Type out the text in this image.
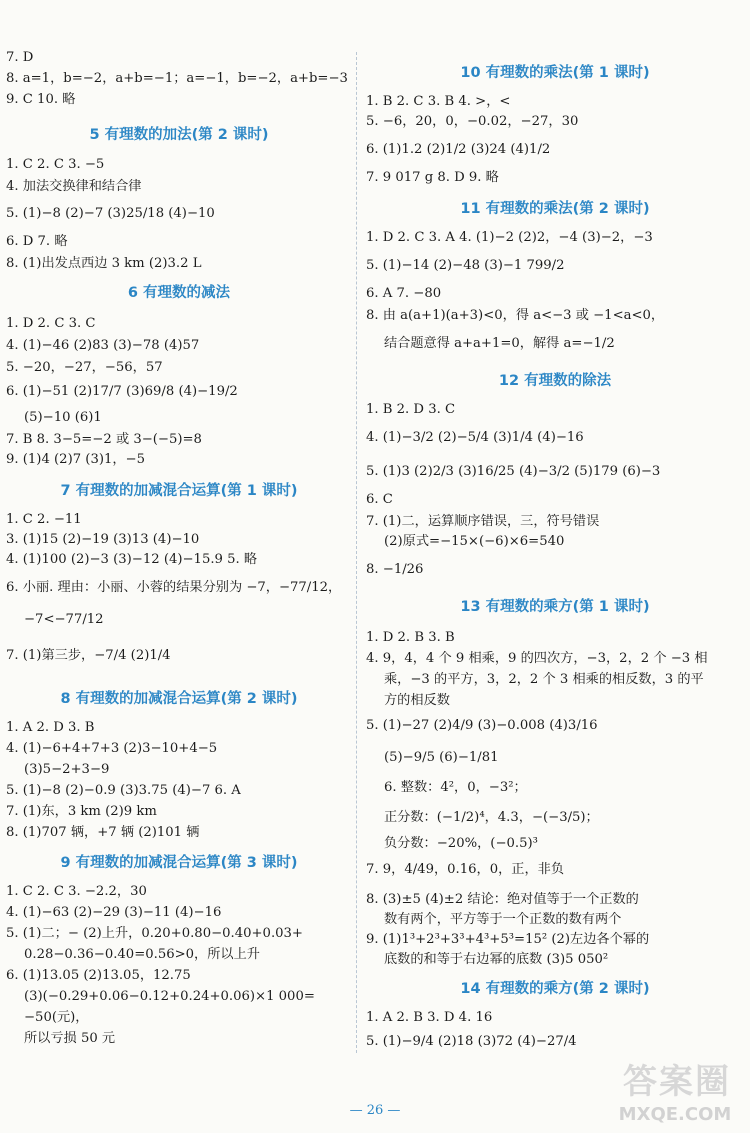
7. D
8. a=1，b=−2，a+b=−1；a=−1，b=−2，a+b=−3
9. C 10. 略
5 有理数的加法(第 2 课时)
1. C 2. C 3. −5
4. 加法交换律和结合律
5. (1)−8 (2)−7 (3)25/18 (4)−10
6. D 7. 略
8. (1)出发点西边 3 km (2)3.2 L
6 有理数的减法
1. D 2. C 3. C
4. (1)−46 (2)83 (3)−78 (4)57
5. −20，−27，−56，57
6. (1)−51 (2)17/7 (3)69/8 (4)−19/2
(5)−10 (6)1
7. B 8. 3−5=−2 或 3−(−5)=8
9. (1)4 (2)7 (3)1，−5
7 有理数的加减混合运算(第 1 课时)
1. C 2. −11
3. (1)15 (2)−19 (3)13 (4)−10
4. (1)100 (2)−3 (3)−12 (4)−15.9 5. 略
6. 小丽. 理由：小丽、小蓉的结果分别为 −7，−77/12，
−7<−77/12
7. (1)第三步，−7/4 (2)1/4
8 有理数的加减混合运算(第 2 课时)
1. A 2. D 3. B
4. (1)−6+4+7+3 (2)3−10+4−5
(3)5−2+3−9
5. (1)−8 (2)−0.9 (3)3.75 (4)−7 6. A
7. (1)东，3 km (2)9 km
8. (1)707 辆，+7 辆 (2)101 辆
9 有理数的加减混合运算(第 3 课时)
1. C 2. C 3. −2.2，30
4. (1)−63 (2)−29 (3)−11 (4)−16
5. (1)二；− (2)上升，0.20+0.80−0.40+0.03+
0.28−0.36−0.40=0.56>0，所以上升
6. (1)13.05 (2)13.05，12.75
(3)(−0.29+0.06−0.12+0.24+0.06)×1 000=
−50(元)，
所以亏损 50 元
10 有理数的乘法(第 1 课时)
1. B 2. C 3. B 4. >，<
5. −6，20，0，−0.02，−27，30
6. (1)1.2 (2)1/2 (3)24 (4)1/2
7. 9 017 g 8. D 9. 略
11 有理数的乘法(第 2 课时)
1. D 2. C 3. A 4. (1)−2 (2)2，−4 (3)−2，−3
5. (1)−14 (2)−48 (3)−1 799/2
6. A 7. −80
8. 由 a(a+1)(a+3)<0，得 a<−3 或 −1<a<0，
结合题意得 a+a+1=0，解得 a=−1/2
12 有理数的除法
1. B 2. D 3. C
4. (1)−3/2 (2)−5/4 (3)1/4 (4)−16
5. (1)3 (2)2/3 (3)16/25 (4)−3/2 (5)179 (6)−3
6. C
7. (1)二，运算顺序错误，三，符号错误
(2)原式=−15×(−6)×6=540
8. −1/26
13 有理数的乘方(第 1 课时)
1. D 2. B 3. B
4. 9，4，4 个 9 相乘，9 的四次方，−3，2，2 个 −3 相
乘，−3 的平方，3，2，2 个 3 相乘的相反数，3 的平
方的相反数
5. (1)−27 (2)4/9 (3)−0.008 (4)3/16
(5)−9/5 (6)−1/81
6. 整数：4²，0，−3²；
正分数：(−1/2)⁴，4.3，−(−3/5)；
负分数：−20%，(−0.5)³
7. 9，4/49，0.16，0，正，非负
8. (3)±5 (4)±2 结论：绝对值等于一个正数的
数有两个，平方等于一个正数的数有两个
9. (1)1³+2³+3³+4³+5³=15² (2)左边各个幂的
底数的和等于右边幂的底数 (3)5 050²
14 有理数的乘方(第 2 课时)
1. A 2. B 3. D 4. 16
5. (1)−9/4 (2)18 (3)72 (4)−27/4
— 26 —
答案圈
MXQE.COM
